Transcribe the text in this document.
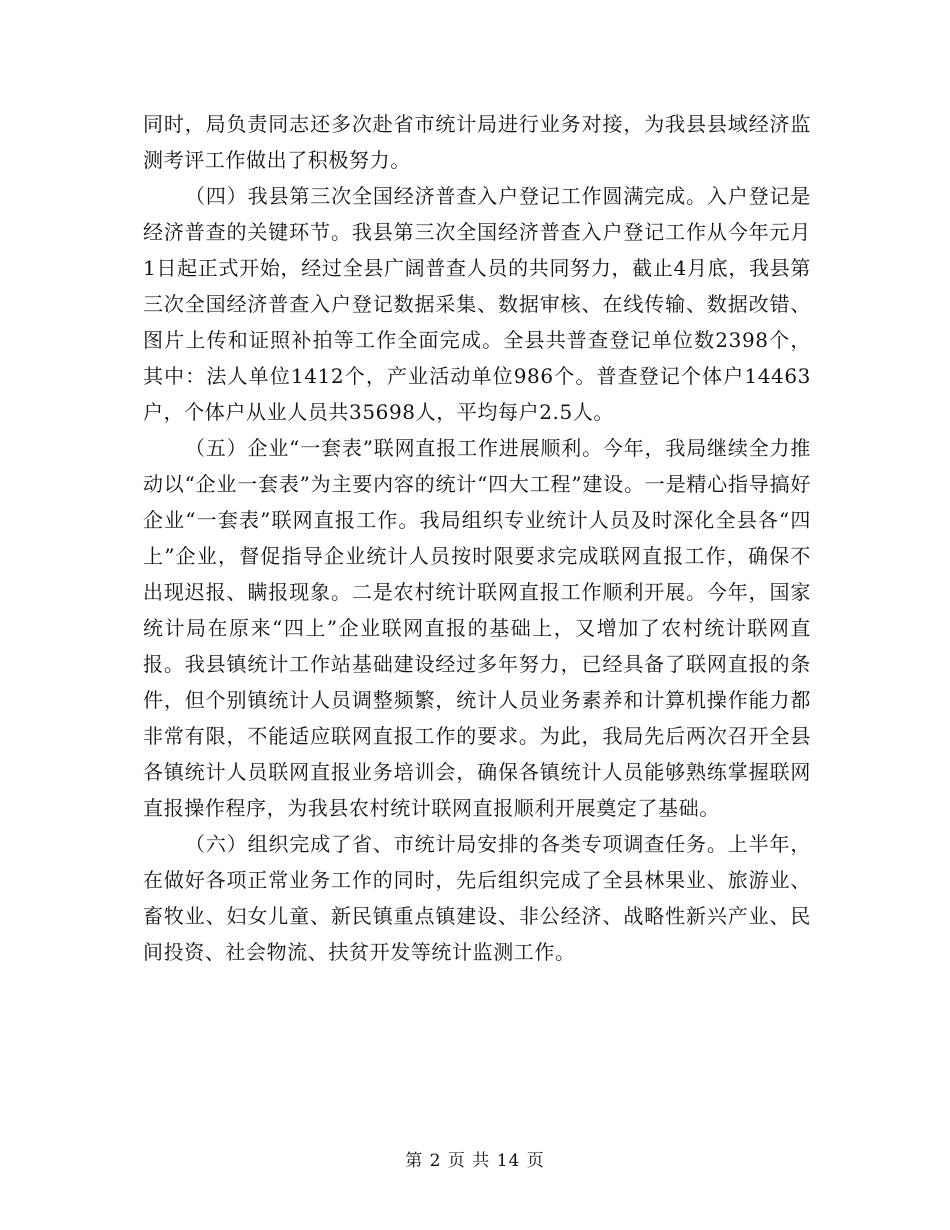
同时，局负责同志还多次赴省市统计局进行业务对接，为我县县域经济监测考评工作做出了积极努力。

（四）我县第三次全国经济普查入户登记工作圆满完成。入户登记是经济普查的关键环节。我县第三次全国经济普查入户登记工作从今年元月1日起正式开始，经过全县广阔普查人员的共同努力，截止4月底，我县第三次全国经济普查入户登记数据采集、数据审核、在线传输、数据改错、图片上传和证照补拍等工作全面完成。全县共普查登记单位数2398个，其中：法人单位1412个，产业活动单位986个。普查登记个体户14463户，个体户从业人员共35698人，平均每户2.5人。

（五）企业“一套表”联网直报工作进展顺利。今年，我局继续全力推动以“企业一套表”为主要内容的统计“四大工程”建设。一是精心指导搞好企业“一套表”联网直报工作。我局组织专业统计人员及时深化全县各“四上”企业，督促指导企业统计人员按时限要求完成联网直报工作，确保不出现迟报、瞒报现象。二是农村统计联网直报工作顺利开展。今年，国家统计局在原来“四上”企业联网直报的基础上，又增加了农村统计联网直报。我县镇统计工作站基础建设经过多年努力，已经具备了联网直报的条件，但个别镇统计人员调整频繁，统计人员业务素养和计算机操作能力都非常有限，不能适应联网直报工作的要求。为此，我局先后两次召开全县各镇统计人员联网直报业务培训会，确保各镇统计人员能够熟练掌握联网直报操作程序，为我县农村统计联网直报顺利开展奠定了基础。

（六）组织完成了省、市统计局安排的各类专项调查任务。上半年，在做好各项正常业务工作的同时，先后组织完成了全县林果业、旅游业、畜牧业、妇女儿童、新民镇重点镇建设、非公经济、战略性新兴产业、民间投资、社会物流、扶贫开发等统计监测工作。

第 2 页 共 14 页
